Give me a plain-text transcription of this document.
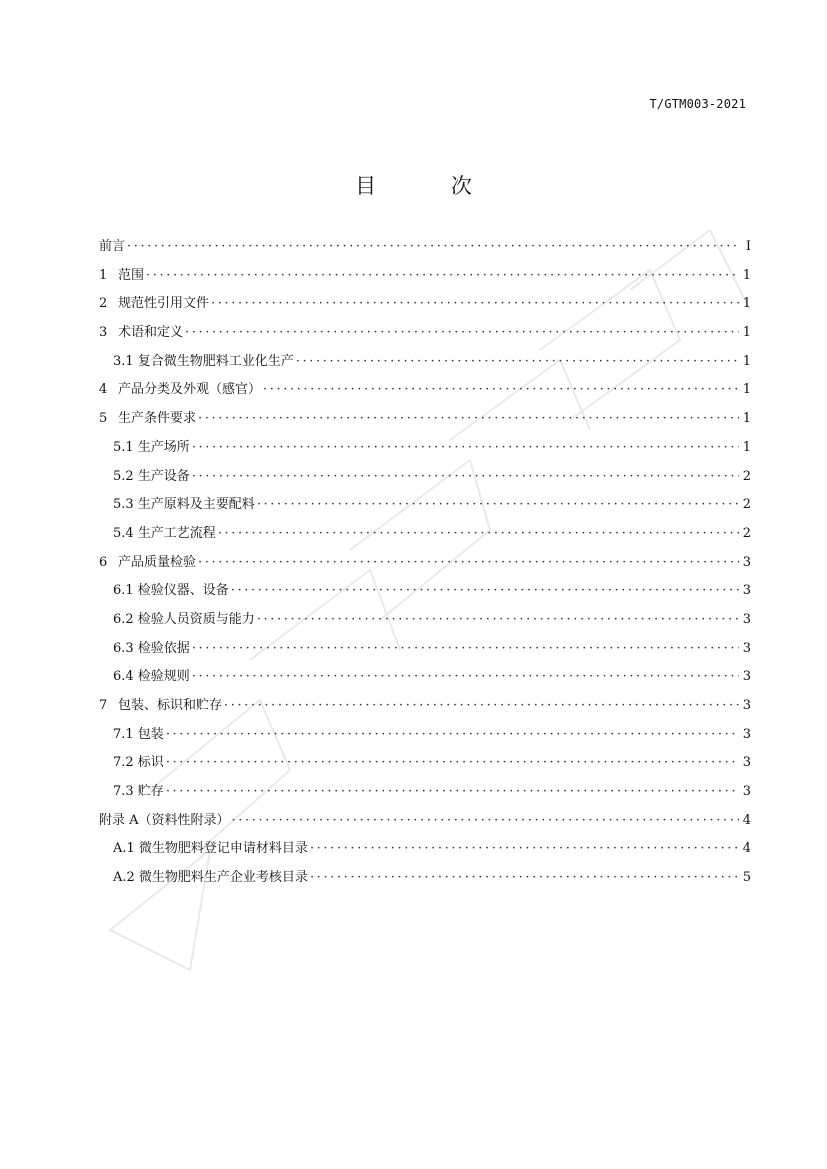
T/GTM003-2021
目 次
前言 ·····	I
1 范围 ·····	1
2 规范性引用文件 ·····	1
3 术语和定义 ·····	1
3.1 复合微生物肥料工业化生产 ·····	1
4 产品分类及外观（感官） ·····	1
5 生产条件要求 ·····	1
5.1 生产场所 ·····	1
5.2 生产设备 ·····	2
5.3 生产原料及主要配料 ·····	2
5.4 生产工艺流程 ·····	2
6 产品质量检验 ·····	3
6.1 检验仪器、设备 ·····	3
6.2 检验人员资质与能力 ·····	3
6.3 检验依据 ·····	3
6.4 检验规则 ·····	3
7 包装、标识和贮存 ·····	3
7.1 包装 ·····	3
7.2 标识 ·····	3
7.3 贮存 ·····	3
附录 A（资料性附录） ·····	4
A.1 微生物肥料登记申请材料目录 ·····	4
A.2 微生物肥料生产企业考核目录 ·····	5
